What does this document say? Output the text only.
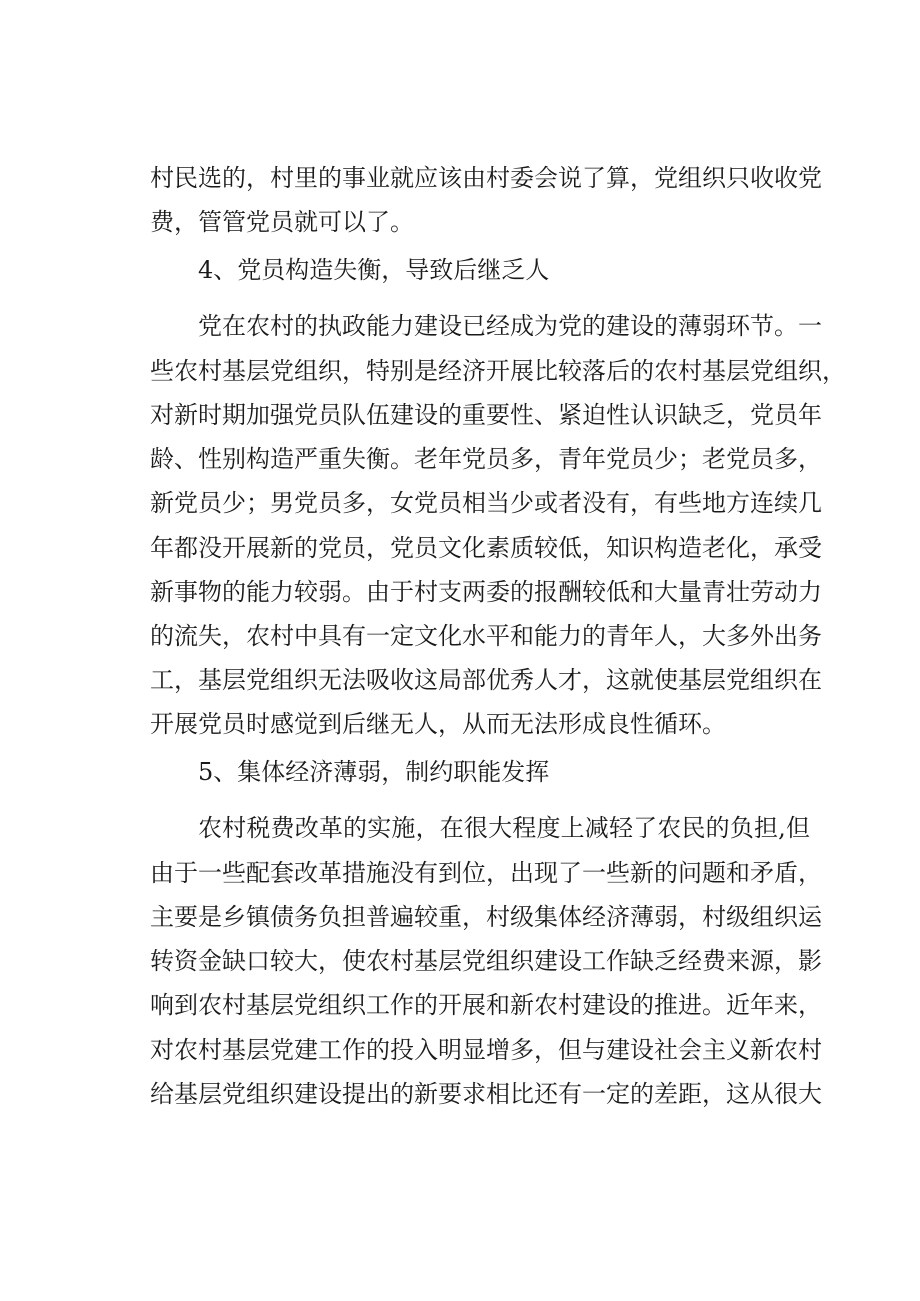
村民选的，村里的事业就应该由村委会说了算，党组织只收收党
费，管管党员就可以了。
4、党员构造失衡，导致后继乏人
党在农村的执政能力建设已经成为党的建设的薄弱环节。一
些农村基层党组织，特别是经济开展比较落后的农村基层党组织，
对新时期加强党员队伍建设的重要性、紧迫性认识缺乏，党员年
龄、性别构造严重失衡。老年党员多，青年党员少；老党员多，
新党员少；男党员多，女党员相当少或者没有，有些地方连续几
年都没开展新的党员，党员文化素质较低，知识构造老化，承受
新事物的能力较弱。由于村支两委的报酬较低和大量青壮劳动力
的流失，农村中具有一定文化水平和能力的青年人，大多外出务
工，基层党组织无法吸收这局部优秀人才，这就使基层党组织在
开展党员时感觉到后继无人，从而无法形成良性循环。
5、集体经济薄弱，制约职能发挥
农村税费改革的实施，在很大程度上减轻了农民的负担,但
由于一些配套改革措施没有到位，出现了一些新的问题和矛盾，
主要是乡镇债务负担普遍较重，村级集体经济薄弱，村级组织运
转资金缺口较大，使农村基层党组织建设工作缺乏经费来源，影
响到农村基层党组织工作的开展和新农村建设的推进。近年来，
对农村基层党建工作的投入明显增多，但与建设社会主义新农村
给基层党组织建设提出的新要求相比还有一定的差距，这从很大
